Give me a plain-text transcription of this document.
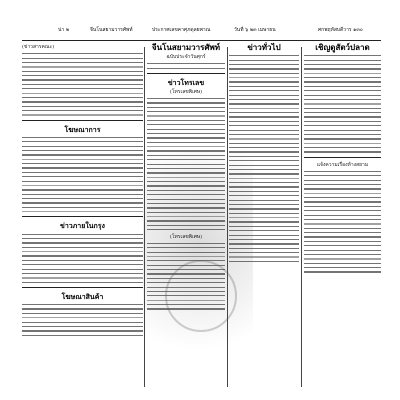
น่า ๒	จีนโนสยามวารศัพท์	ประกาศเลขคาศุภดุลยพาณ	วันที่ ๖ ๒๓ เมษายน	ศกพฤหัสบดีวาร ๑๓๐
(ข่าวสารคณะ)
โฆษณาการ
ข่าวภายในกรุง
โฆษณาสินค้า
จีนโนสยามวารศัพท์
ฉบับประจำวันศุกร์
ข่าวโทรเลข
(โทรเลขพิเศษ)
(โทรเลขพิเศษ)
ข่าวทั่วไป	เชิญดูสัตว์ปลาด
แจ้งความเรื่องห้างสยาม
